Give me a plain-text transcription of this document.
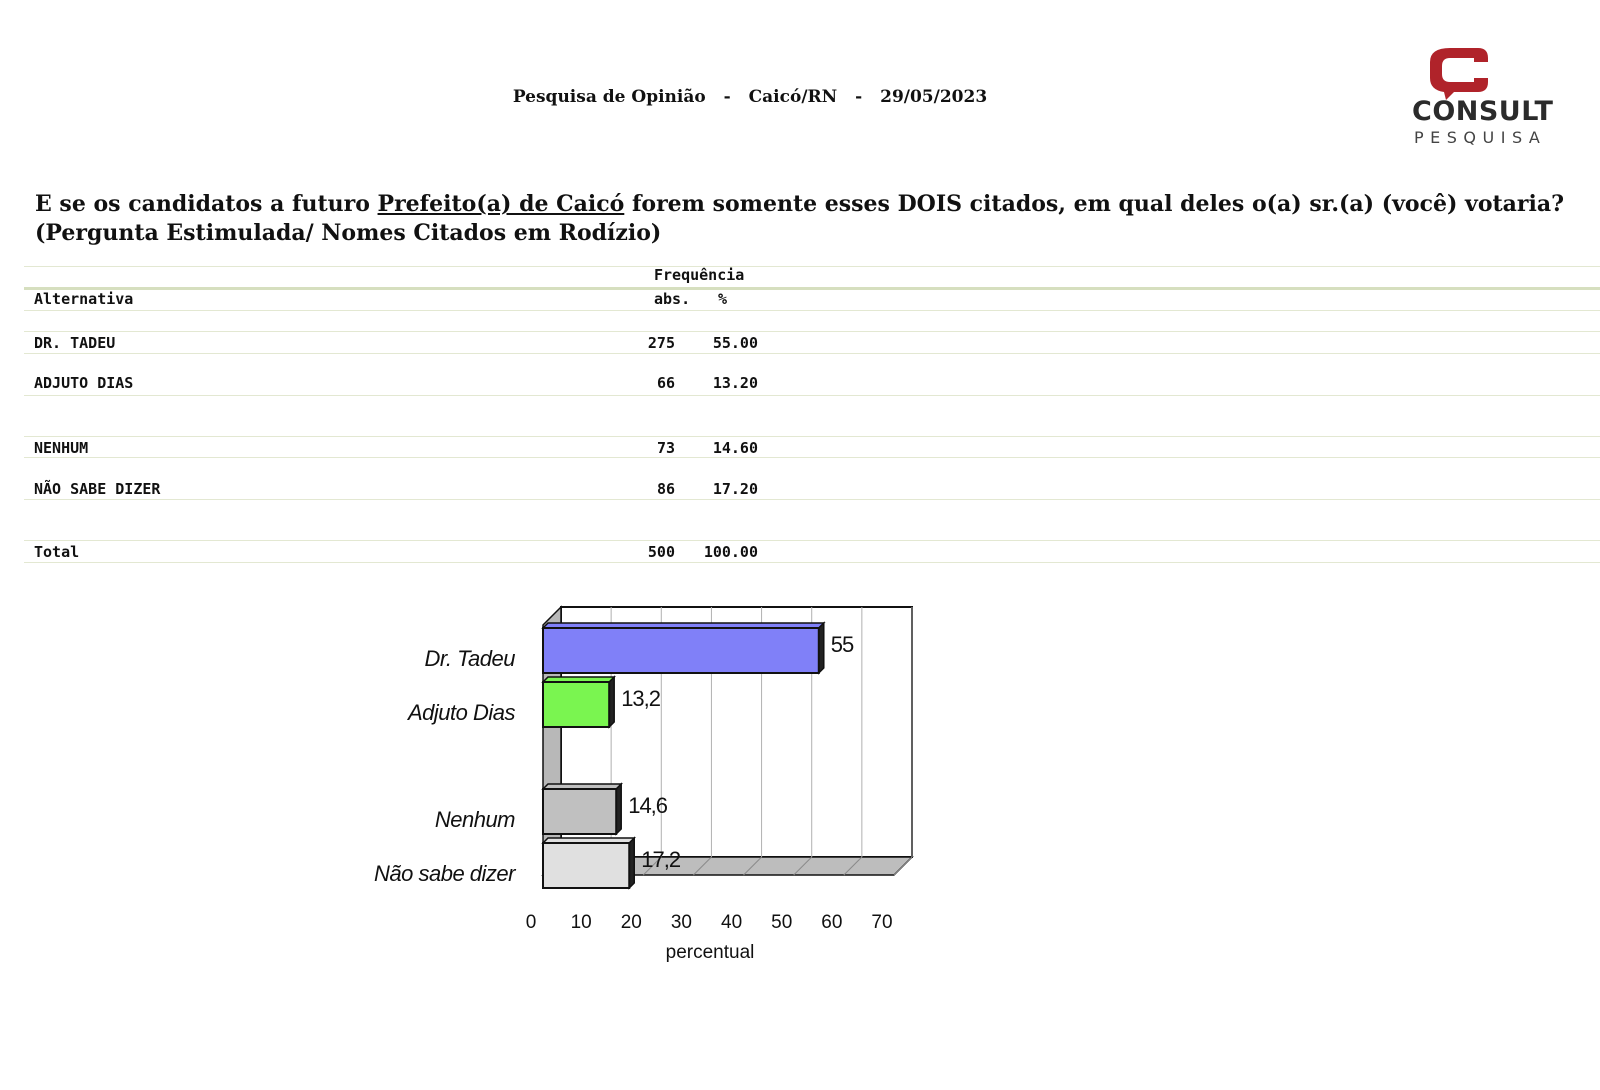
Pesquisa de Opinião - Caicó/RN - 29/05/2023	CONSULT
PESQUISA
E se os candidatos a futuro Prefeito(a) de Caicó forem somente esses DOIS citados, em qual deles o(a) sr.(a) (você) votaria?
(Pergunta Estimulada/ Nomes Citados em Rodízio)
Frequência
Alternativa	abs. %
DR. TADEU	275	55.00
ADJUTO DIAS	66	13.20
NENHUM	73	14.60
NÃO SABE DIZER	86	17.20
Total	500	100.00
55
Dr. Tadeu
13,2
Adjuto Dias
14,6
Nenhum
17,2
Não sabe dizer
0 10 20 30 40 50 60 70
percentual
